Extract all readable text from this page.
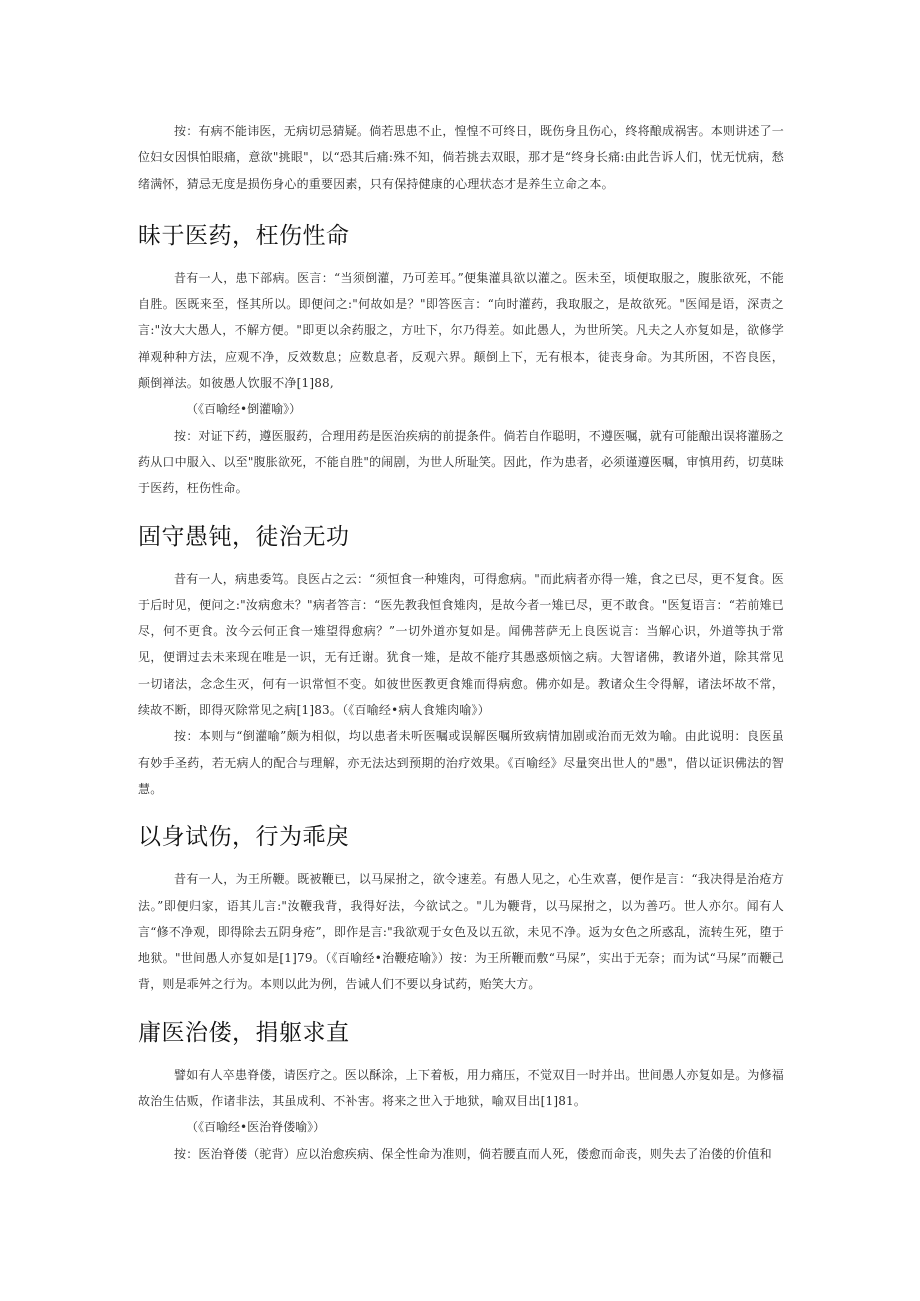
按：有病不能讳医，无病切忌猜疑。倘若思患不止，惶惶不可终日，既伤身且伤心，终将酿成祸害。本则讲述了一位妇女因惧怕眼痛，意欲"挑眼"，以“恐其后痛:殊不知，倘若挑去双眼，那才是“终身长痛:由此告诉人们，忧无忧病，愁绪满怀，猜忌无度是损伤身心的重要因素，只有保持健康的心理状态才是养生立命之本。

昧于医药，枉伤性命

昔有一人，患下部病。医言：“当须倒灌，乃可差耳。”便集灌具欲以灌之。医未至，顷便取服之，腹胀欲死，不能自胜。医既来至，怪其所以。即便问之:"何故如是？"即答医言：“向时灌药，我取服之，是故欲死。"医闻是语，深责之言:"汝大大愚人，不解方便。"即更以余药服之，方吐下，尔乃得差。如此愚人，为世所笑。凡夫之人亦复如是，欲修学禅观种种方法，应观不净，反效数息；应数息者，反观六界。颠倒上下，无有根本，徒丧身命。为其所困，不咨良医，颠倒禅法。如彼愚人饮服不净[1]88,

（《百喻经•倒灌喻》）

按：对证下药，遵医服药，合理用药是医治疾病的前提条件。倘若自作聪明，不遵医嘱，就有可能酿出误将灌肠之药从口中服入、以至"腹胀欲死，不能自胜"的闹剧，为世人所耻笑。因此，作为患者，必须谨遵医嘱，审慎用药，切莫昧于医药，枉伤性命。

固守愚钝，徒治无功

昔有一人，病患委笃。良医占之云：“须恒食一种雉肉，可得愈病。"而此病者亦得一雉，食之已尽，更不复食。医于后时见，便问之:"汝病愈未？"病者答言：“医先教我恒食雉肉，是故今者一雉已尽，更不敢食。"医复语言：“若前雉已尽，何不更食。汝今云何正食一雉望得愈病？”一切外道亦复如是。闻佛菩萨无上良医说言：当解心识，外道等执于常见，便谓过去未来现在唯是一识，无有迁谢。犹食一雉，是故不能疗其愚惑烦恼之病。大智诸佛，教诸外道，除其常见一切诸法，念念生灭，何有一识常恒不变。如彼世医教更食雉而得病愈。佛亦如是。教诸众生令得解，诸法坏故不常，续故不断，即得灭除常见之病[1]83。（《百喻经•病人食雉肉喻》）

按：本则与“倒灌喻”颇为相似，均以患者未听医嘱或误解医嘱所致病情加剧或治而无效为喻。由此说明：良医虽有妙手圣药，若无病人的配合与理解，亦无法达到预期的治疗效果。《百喻经》尽量突出世人的"愚"，借以证识佛法的智慧。

以身试伤，行为乖戾

昔有一人，为王所鞭。既被鞭已，以马屎拊之，欲令速差。有愚人见之，心生欢喜，便作是言：“我决得是治疮方法。”即便归家，语其儿言:"汝鞭我背，我得好法，今欲试之。"儿为鞭背，以马屎拊之，以为善巧。世人亦尔。闻有人言“修不净观，即得除去五阴身疮”，即作是言:"我欲观于女色及以五欲，未见不净。返为女色之所惑乱，流转生死，堕于地狱。"世间愚人亦复如是[1]79。（《百喻经•治鞭疮喻》）按：为王所鞭而敷“马屎”，实出于无奈；而为试“马屎”而鞭己背，则是乖舛之行为。本则以此为例，告诫人们不要以身试药，贻笑大方。

庸医治偻，捐躯求直

譬如有人卒患脊偻，请医疗之。医以酥涂，上下着板，用力痛压，不觉双目一时并出。世间愚人亦复如是。为修福故治生估贩，作诸非法，其虽成利、不补害。将来之世入于地狱，喻双目出[1]81。

（《百喻经•医治脊偻喻》）

按：医治脊偻（驼背）应以治愈疾病、保全性命为准则，倘若腰直而人死，偻愈而命丧，则失去了治偻的价值和
